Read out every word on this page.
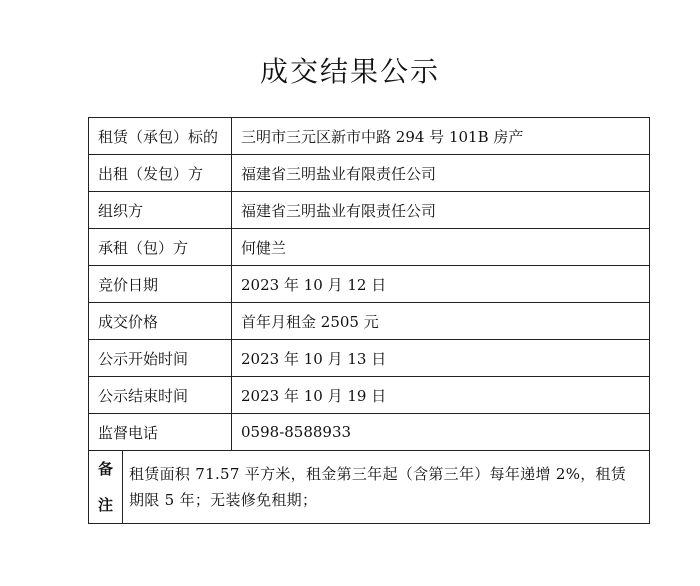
成交结果公示
租赁（承包）标的		三明市三元区新市中路 294 号 101B 房产
出租（发包）方		福建省三明盐业有限责任公司
组织方		福建省三明盐业有限责任公司
承租（包）方		何健兰
竞价日期		2023 年 10 月 12 日
成交价格		首年月租金 2505 元
公示开始时间		2023 年 10 月 13 日
公示结束时间		2023 年 10 月 19 日
监督电话		0598-8588933

备
注	租赁面积 71.57 平方米，租金第三年起（含第三年）每年递增 2%，租赁期限 5 年；无装修免租期；	
